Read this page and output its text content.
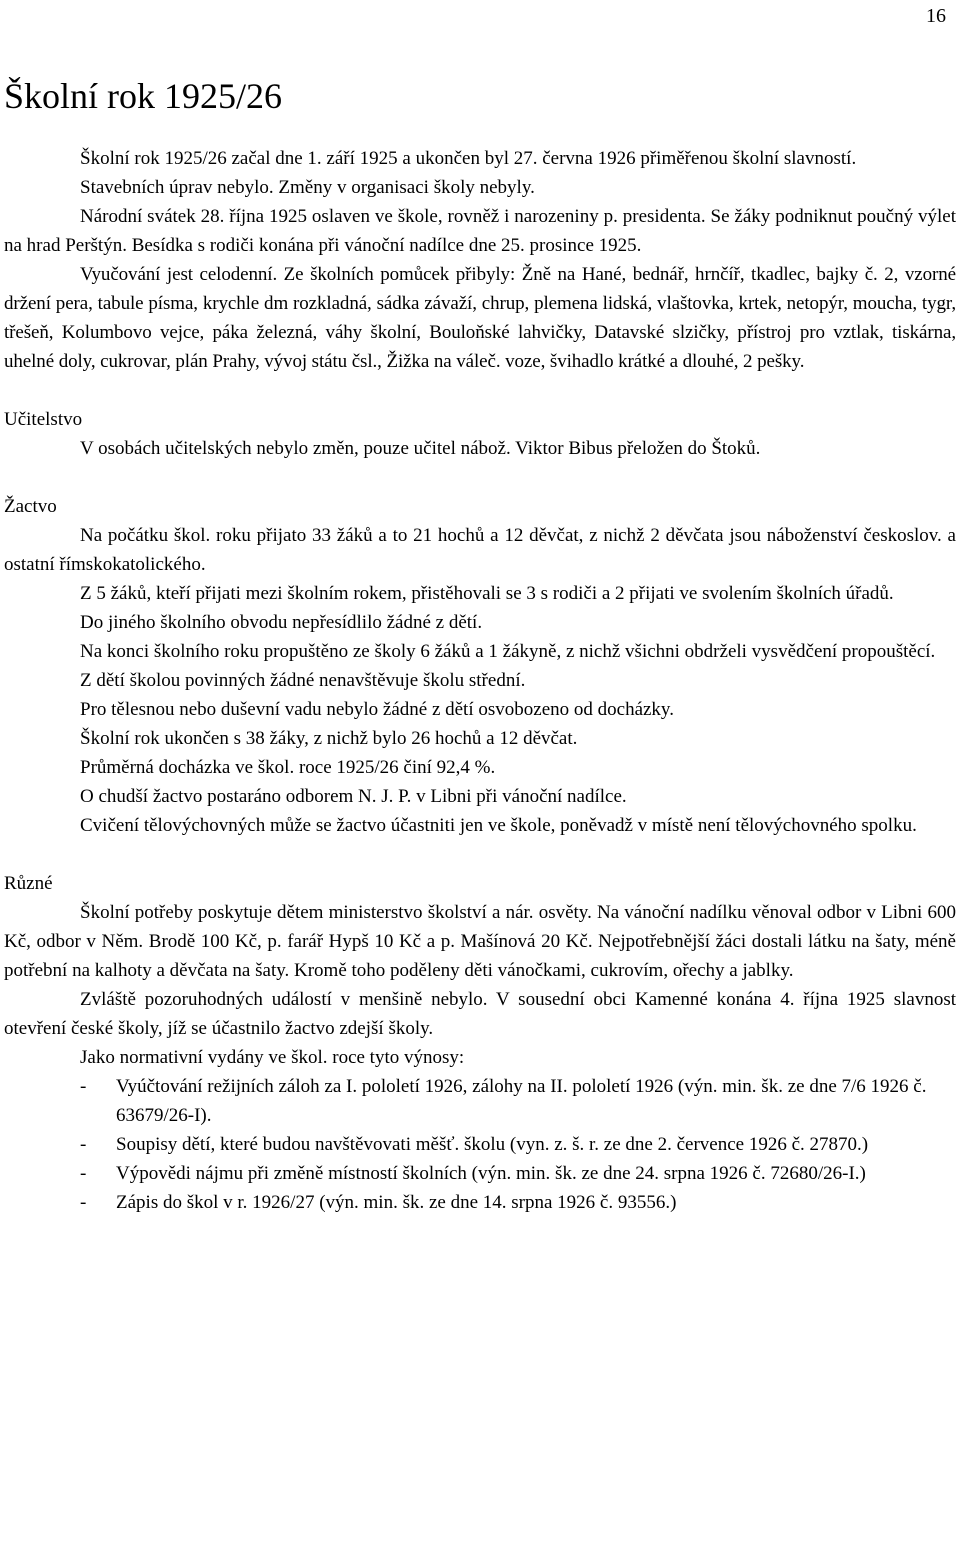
16
Školní rok 1925/26

Školní rok 1925/26 začal dne 1. září 1925 a ukončen byl 27. června 1926 přiměřenou školní slavností.

Stavebních úprav nebylo. Změny v organisaci školy nebyly.

Národní svátek 28. října 1925 oslaven ve škole, rovněž i narozeniny p. presidenta. Se žáky podniknut poučný výlet na hrad Perštýn. Besídka s rodiči konána při vánoční nadílce dne 25. prosince 1925.

Vyučování jest celodenní. Ze školních pomůcek přibyly: Žně na Hané, bednář, hrnčíř, tkadlec, bajky č. 2, vzorné držení pera, tabule písma, krychle dm rozkladná, sádka závaží, chrup, plemena lidská, vlaštovka, krtek, netopýr, moucha, tygr, třešeň, Kolumbovo vejce, páka železná, váhy školní, Bouloňské lahvičky, Datavské slzičky, přístroj pro vztlak, tiskárna, uhelné doly, cukrovar, plán Prahy, vývoj státu čsl., Žižka na váleč. voze, švihadlo krátké a dlouhé, 2 pešky.

Učitelstvo

V osobách učitelských nebylo změn, pouze učitel nábož. Viktor Bibus přeložen do Štoků.

Žactvo

Na počátku škol. roku přijato 33 žáků a to 21 hochů a 12 děvčat, z nichž 2 děvčata jsou náboženství českoslov. a ostatní římskokatolického.

Z 5 žáků, kteří přijati mezi školním rokem, přistěhovali se 3 s rodiči a 2 přijati ve svolením školních úřadů.

Do jiného školního obvodu nepřesídlilo žádné z dětí.

Na konci školního roku propuštěno ze školy 6 žáků a 1 žákyně, z nichž všichni obdrželi vysvědčení propouštěcí.

Z dětí školou povinných žádné nenavštěvuje školu střední.

Pro tělesnou nebo duševní vadu nebylo žádné z dětí osvobozeno od docházky.

Školní rok ukončen s 38 žáky, z nichž bylo 26 hochů a 12 děvčat.

Průměrná docházka ve škol. roce 1925/26 činí 92,4 %.

O chudší žactvo postaráno odborem N. J. P. v Libni při vánoční nadílce.

Cvičení tělovýchovných může se žactvo účastniti jen ve škole, poněvadž v místě není tělovýchovného spolku.

Různé

Školní potřeby poskytuje dětem ministerstvo školství a nár. osvěty. Na vánoční nadílku věnoval odbor v Libni 600 Kč, odbor v Něm. Brodě 100 Kč, p. farář Hypš 10 Kč a p. Mašínová 20 Kč. Nejpotřebnější žáci dostali látku na šaty, méně potřební na kalhoty a děvčata na šaty. Kromě toho poděleny děti vánočkami, cukrovím, ořechy a jablky.

Zvláště pozoruhodných událostí v menšině nebylo. V sousední obci Kamenné konána 4. října 1925 slavnost otevření české školy, jíž se účastnilo žactvo zdejší školy.

Jako normativní vydány ve škol. roce tyto výnosy:

- Vyúčtování režijních záloh za I. pololetí 1926, zálohy na II. pololetí 1926 (výn. min. šk. ze dne 7/6 1926 č. 63679/26-I).
- Soupisy dětí, které budou navštěvovati měšť. školu (vyn. z. š. r. ze dne 2. července 1926 č. 27870.)
- Výpovědi nájmu při změně místností školních (výn. min. šk. ze dne 24. srpna 1926 č. 72680/26-I.)
- Zápis do škol v r. 1926/27 (výn. min. šk. ze dne 14. srpna 1926 č. 93556.)
